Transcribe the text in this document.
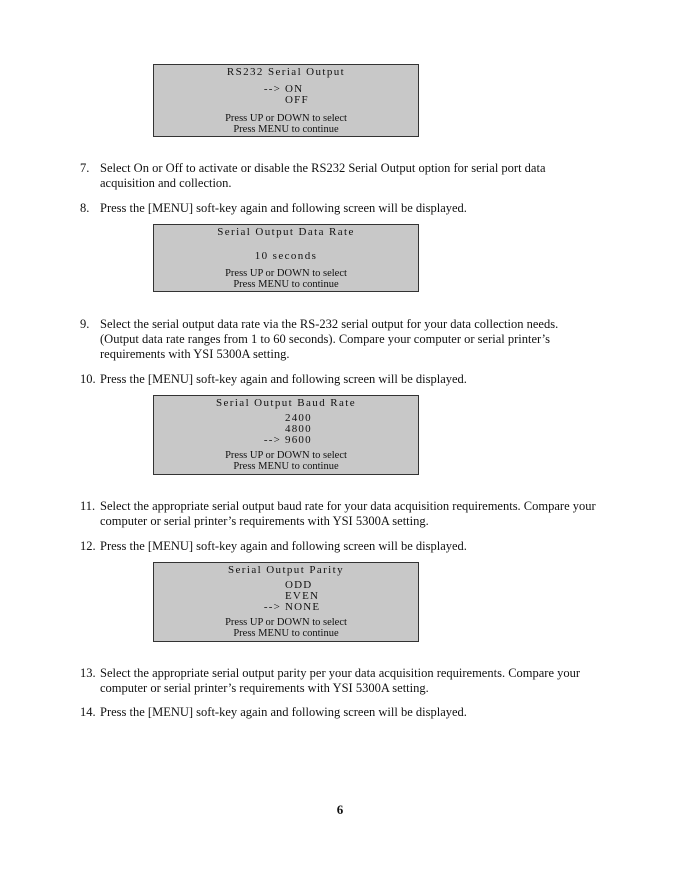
RS232 Serial Output
--> ON
OFF
Press UP or DOWN to select
Press MENU to continue
7. Select On or Off to activate or disable the RS232 Serial Output option for serial port data acquisition and collection.
8. Press the [MENU] soft-key again and following screen will be displayed.
Serial Output Data Rate
10 seconds
Press UP or DOWN to select
Press MENU to continue
9. Select the serial output data rate via the RS-232 serial output for your data collection needs. (Output data rate ranges from 1 to 60 seconds). Compare your computer or serial printer’s requirements with YSI 5300A setting.
10. Press the [MENU] soft-key again and following screen will be displayed.
Serial Output Baud Rate
2400
4800
--> 9600
Press UP or DOWN to select
Press MENU to continue
11. Select the appropriate serial output baud rate for your data acquisition requirements. Compare your computer or serial printer’s requirements with YSI 5300A setting.
12. Press the [MENU] soft-key again and following screen will be displayed.
Serial Output Parity
ODD
EVEN
--> NONE
Press UP or DOWN to select
Press MENU to continue
13. Select the appropriate serial output parity per your data acquisition requirements. Compare your computer or serial printer’s requirements with YSI 5300A setting.
14. Press the [MENU] soft-key again and following screen will be displayed.
6
